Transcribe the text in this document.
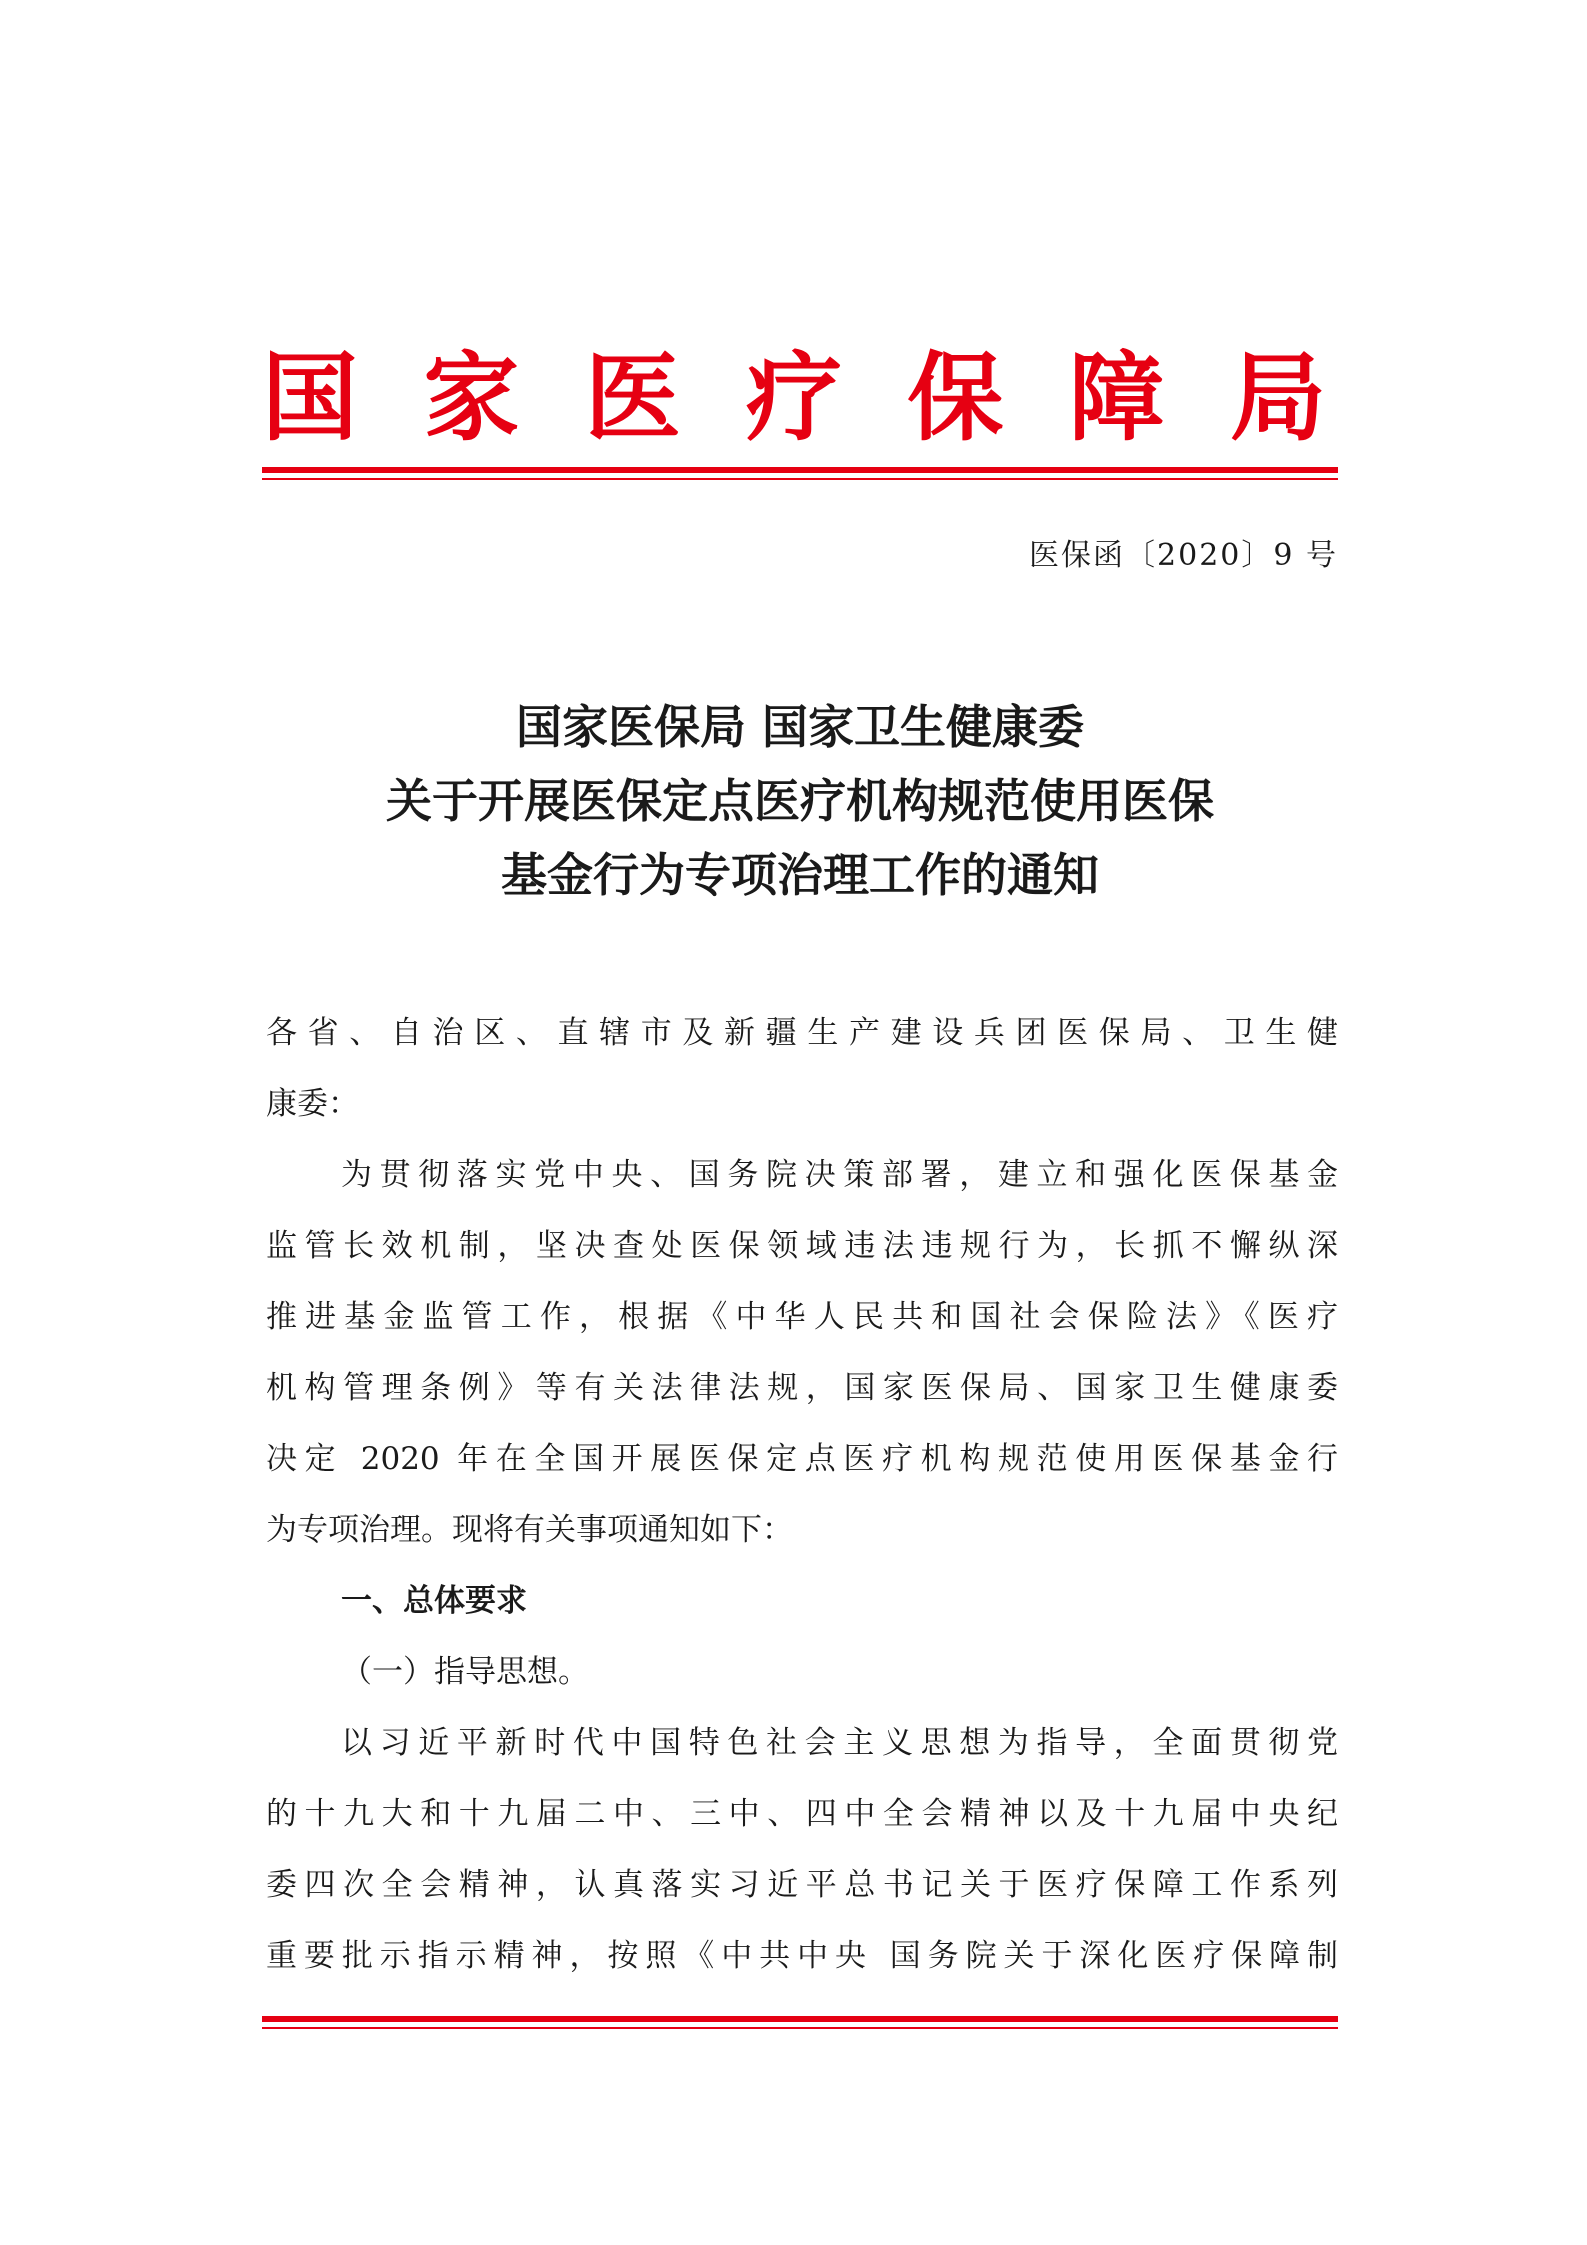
国 家 医 疗 保 障 局
医保函〔2020〕9 号
国家医保局 国家卫生健康委
关于开展医保定点医疗机构规范使用医保
基金行为专项治理工作的通知
各省、自治区、直辖市及新疆生产建设兵团医保局、卫生健
康委：
为贯彻落实党中央、国务院决策部署，建立和强化医保基金
监管长效机制，坚决查处医保领域违法违规行为，长抓不懈纵深
推进基金监管工作，根据《中华人民共和国社会保险法》《医疗
机构管理条例》等有关法律法规，国家医保局、国家卫生健康委
决定 2020 年在全国开展医保定点医疗机构规范使用医保基金行
为专项治理。现将有关事项通知如下：
一、总体要求
（一）指导思想。
以习近平新时代中国特色社会主义思想为指导，全面贯彻党
的十九大和十九届二中、三中、四中全会精神以及十九届中央纪
委四次全会精神，认真落实习近平总书记关于医疗保障工作系列
重要批示指示精神，按照《中共中央 国务院关于深化医疗保障制
